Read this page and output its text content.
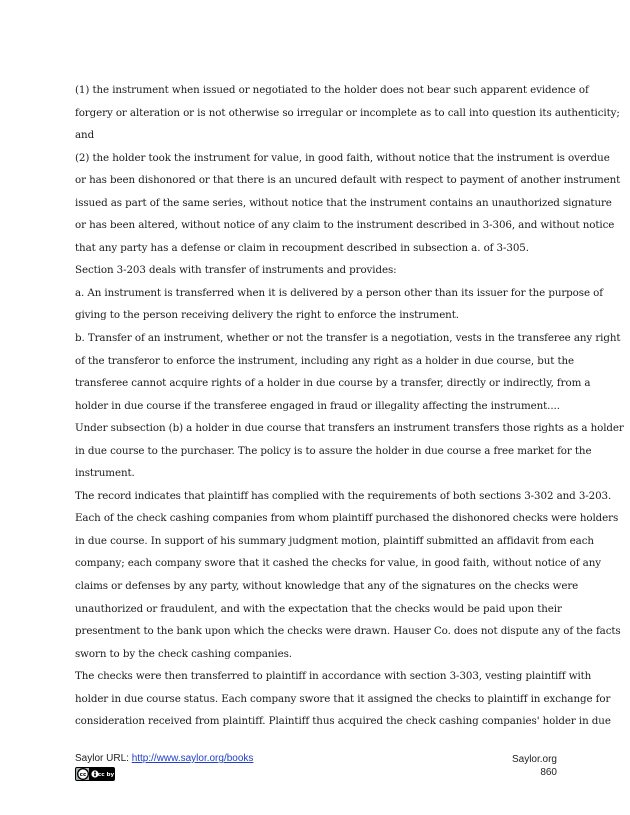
(1) the instrument when issued or negotiated to the holder does not bear such apparent evidence of
forgery or alteration or is not otherwise so irregular or incomplete as to call into question its authenticity;
and
(2) the holder took the instrument for value, in good faith, without notice that the instrument is overdue
or has been dishonored or that there is an uncured default with respect to payment of another instrument
issued as part of the same series, without notice that the instrument contains an unauthorized signature
or has been altered, without notice of any claim to the instrument described in 3-306, and without notice
that any party has a defense or claim in recoupment described in subsection a. of 3-305.
Section 3-203 deals with transfer of instruments and provides:
a. An instrument is transferred when it is delivered by a person other than its issuer for the purpose of
giving to the person receiving delivery the right to enforce the instrument.
b. Transfer of an instrument, whether or not the transfer is a negotiation, vests in the transferee any right
of the transferor to enforce the instrument, including any right as a holder in due course, but the
transferee cannot acquire rights of a holder in due course by a transfer, directly or indirectly, from a
holder in due course if the transferee engaged in fraud or illegality affecting the instrument....
Under subsection (b) a holder in due course that transfers an instrument transfers those rights as a holder
in due course to the purchaser. The policy is to assure the holder in due course a free market for the
instrument.
The record indicates that plaintiff has complied with the requirements of both sections 3-302 and 3-203.
Each of the check cashing companies from whom plaintiff purchased the dishonored checks were holders
in due course. In support of his summary judgment motion, plaintiff submitted an affidavit from each
company; each company swore that it cashed the checks for value, in good faith, without notice of any
claims or defenses by any party, without knowledge that any of the signatures on the checks were
unauthorized or fraudulent, and with the expectation that the checks would be paid upon their
presentment to the bank upon which the checks were drawn. Hauser Co. does not dispute any of the facts
sworn to by the check cashing companies.
The checks were then transferred to plaintiff in accordance with section 3-303, vesting plaintiff with
holder in due course status. Each company swore that it assigned the checks to plaintiff in exchange for
consideration received from plaintiff. Plaintiff thus acquired the check cashing companies' holder in due
Saylor URL: http://www.saylor.org/books
cc cc by
Saylor.org
860
